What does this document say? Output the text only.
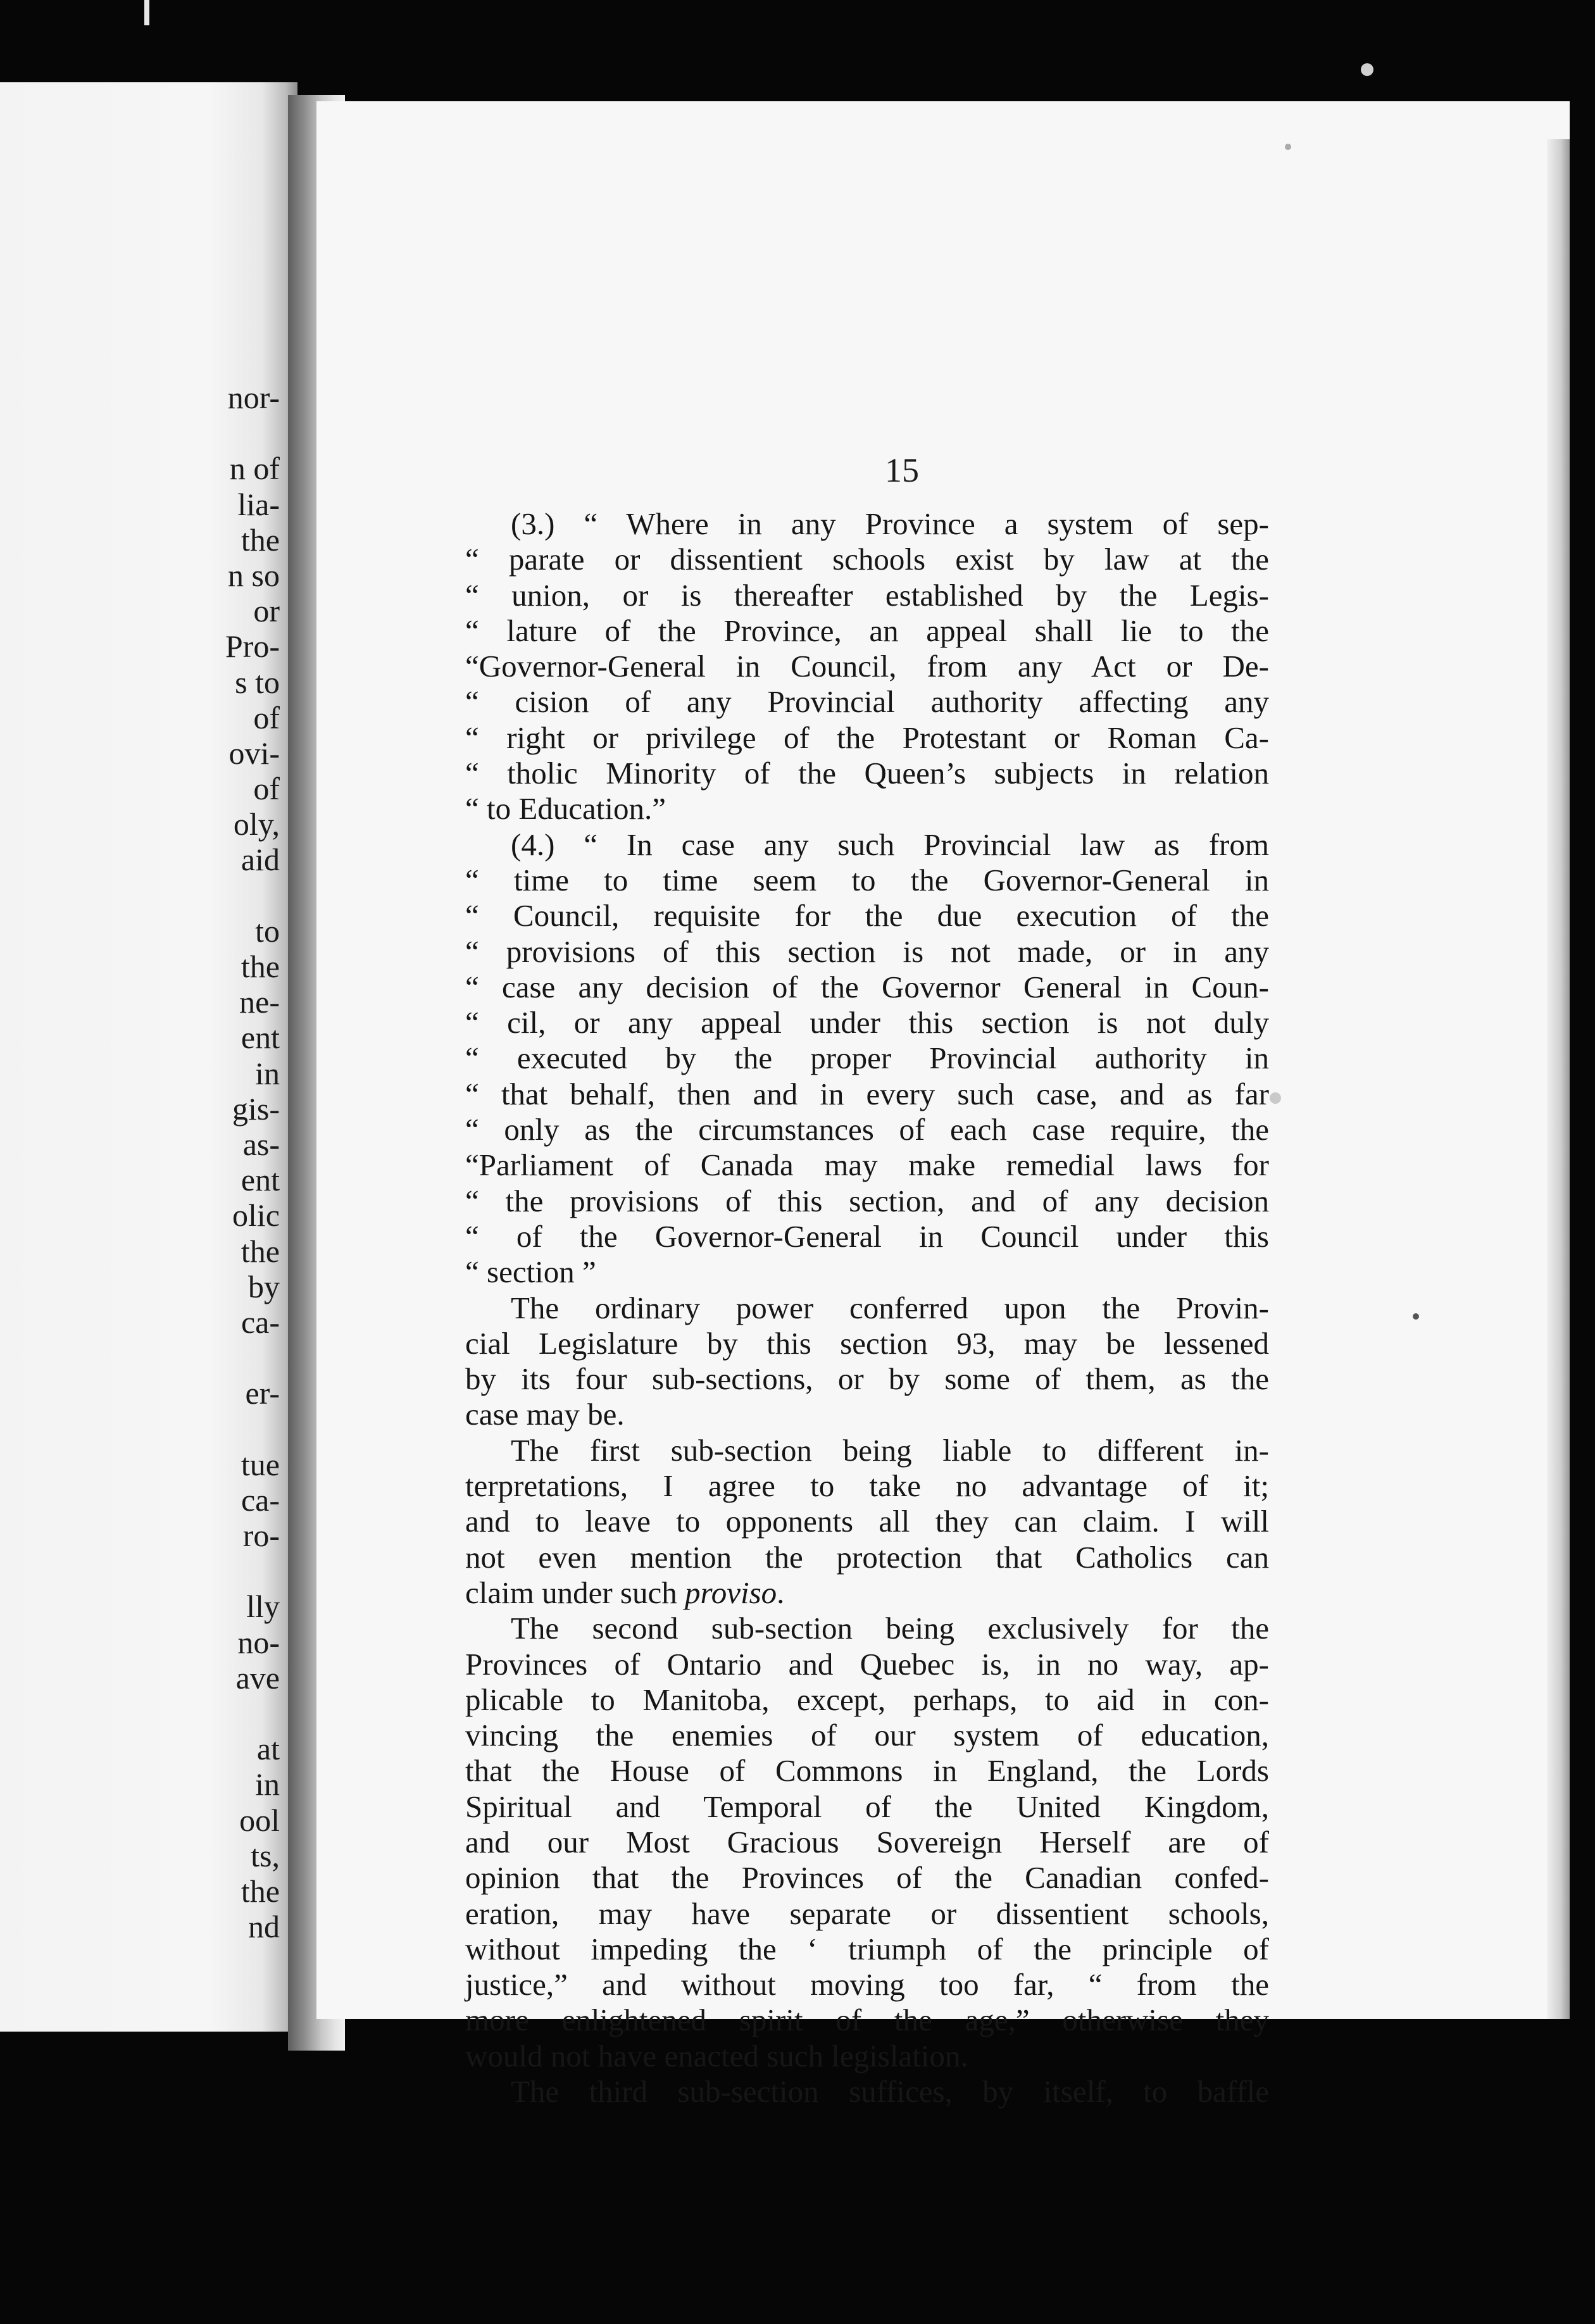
nor-
n of
lia-
the
n so
or
Pro-
s to
of
ovi-
of
oly,
aid
to
the
ne-
ent
in
gis-
as-
ent
olic
the
by
ca-
er-
tue
ca-
ro-
lly
no-
ave
at
in
ool
ts,
the
nd
15
(3.) “ Where in any Province a system of sep-
“ parate or dissentient schools exist by law at the
“ union, or is thereafter established by the Legis-
“ lature of the Province, an appeal shall lie to the
“Governor-General in Council, from any Act or De-
“ cision of any Provincial authority affecting any
“ right or privilege of the Protestant or Roman Ca-
“ tholic Minority of the Queen’s subjects in relation
“ to Education.”
(4.) “ In case any such Provincial law as from
“ time to time seem to the Governor-General in
“ Council, requisite for the due execution of the
“ provisions of this section is not made, or in any
“ case any decision of the Governor General in Coun-
“ cil, or any appeal under this section is not duly
“ executed by the proper Provincial authority in
“ that behalf, then and in every such case, and as far
“ only as the circumstances of each case require, the
“Parliament of Canada may make remedial laws for
“ the provisions of this section, and of any decision
“ of the Governor-General in Council under this
“ section ”
The ordinary power conferred upon the Provin-
cial Legislature by this section 93, may be lessened
by its four sub-sections, or by some of them, as the
case may be.
The first sub-section being liable to different in-
terpretations, I agree to take no advantage of it;
and to leave to opponents all they can claim. I will
not even mention the protection that Catholics can
claim under such proviso.
The second sub-section being exclusively for the
Provinces of Ontario and Quebec is, in no way, ap-
plicable to Manitoba, except, perhaps, to aid in con-
vincing the enemies of our system of education,
that the House of Commons in England, the Lords
Spiritual and Temporal of the United Kingdom,
and our Most Gracious Sovereign Herself are of
opinion that the Provinces of the Canadian confed-
eration, may have separate or dissentient schools,
without impeding the ‘ triumph of the principle of
justice,” and without moving too far, “ from the
more enlightened spirit of the age,” otherwise they
would not have enacted such legislation.
The third sub-section suffices, by itself, to baffle
